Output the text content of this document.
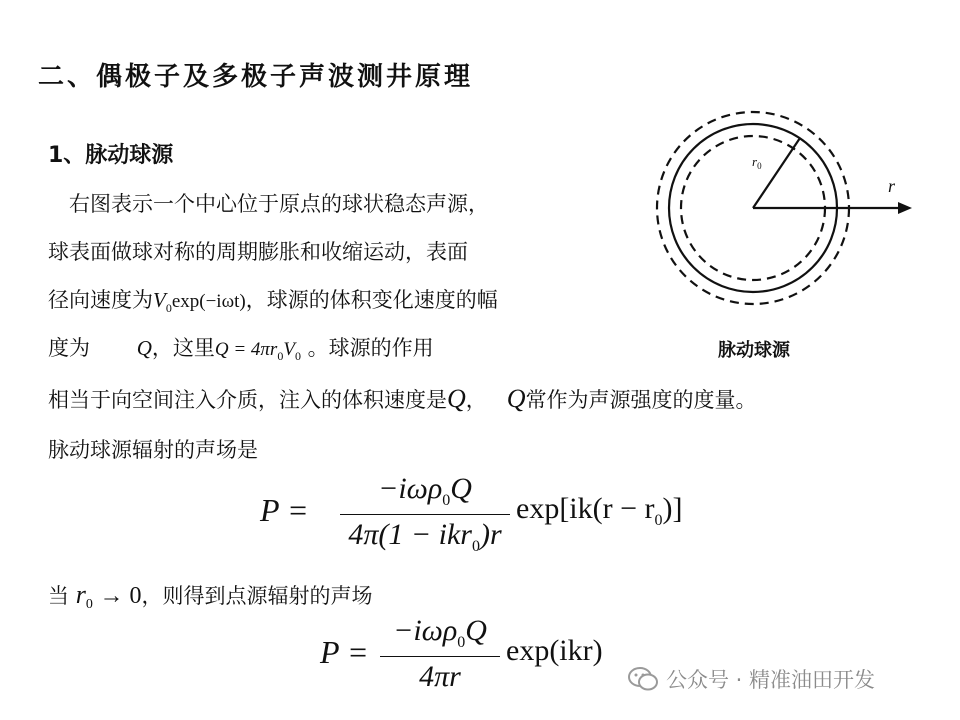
二、偶极子及多极子声波测井原理
1、脉动球源
右图表示一个中心位于原点的球状稳态声源，
球表面做球对称的周期膨胀和收缩运动，表面
径向速度为$V_0\exp(-i\omega t)$，球源的体积变化速度的幅
度为 Q，这里$Q = 4\pi r_0V_0$ 。球源的作用
相当于向空间注入介质，注入的体积速度是Q， Q常作为声源强度的度量。
脉动球源辐射的声场是
P =
−iωρ$_0$Q
4π(1 − ikr$_0$)r
$\exp[ik(r - r_0)]$
当 $r_0 \to 0$，则得到点源辐射的声场
P =
−iωρ$_0$Q
4πr
exp(ikr)
$r_0$
r
脉动球源
公众号 · 精准油田开发
